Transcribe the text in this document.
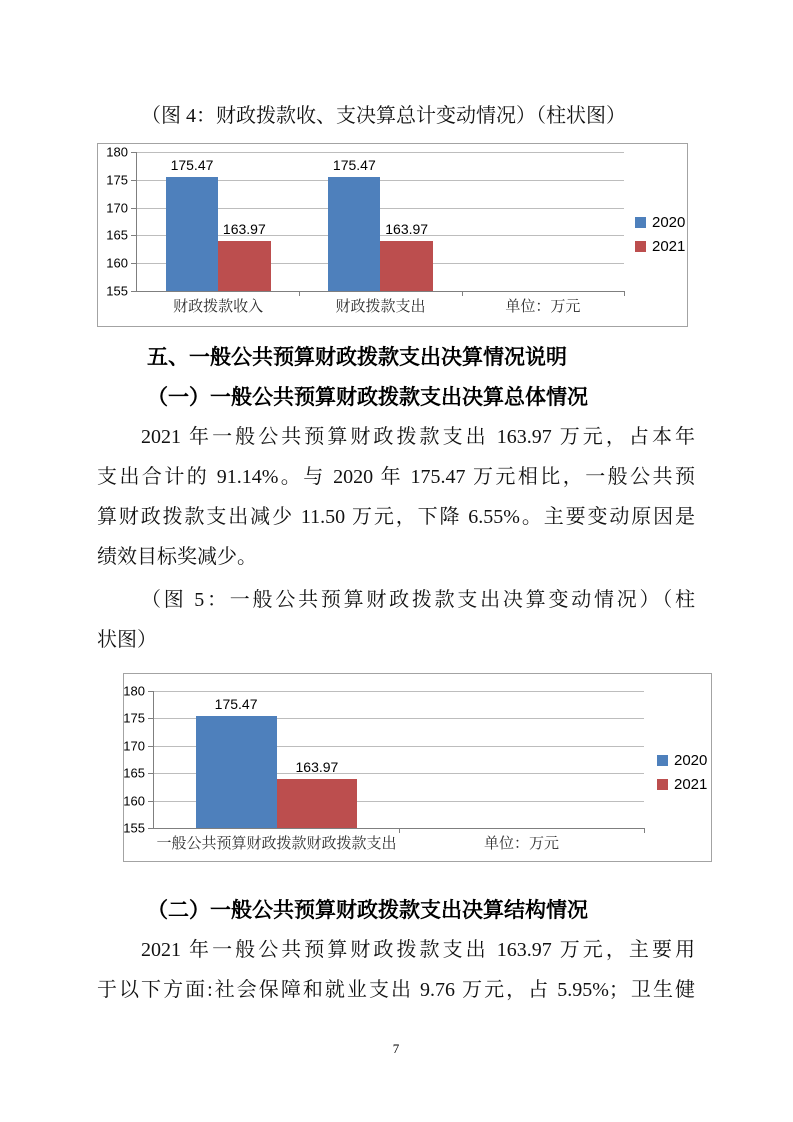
（图 4：财政拨款收、支决算总计变动情况）（柱状图）
180
175
170
165
160
155
175.47
163.97
175.47
163.97
财政拨款收入	财政拨款支出	单位：万元
2020
2021
五、一般公共预算财政拨款支出决算情况说明
（一）一般公共预算财政拨款支出决算总体情况
2021 年一般公共预算财政拨款支出 163.97 万元，占本年
支出合计的 91.14%。与 2020 年 175.47 万元相比，一般公共预
算财政拨款支出减少 11.50 万元，下降 6.55%。主要变动原因是
绩效目标奖减少。
（图 5：一般公共预算财政拨款支出决算变动情况）（柱
状图）
180
175
170
165
160
155
175.47
163.97
一般公共预算财政拨款财政拨款支出	单位：万元
2020
2021
（二）一般公共预算财政拨款支出决算结构情况
2021 年一般公共预算财政拨款支出 163.97 万元，主要用
于以下方面:社会保障和就业支出 9.76 万元，占 5.95%；卫生健
7
